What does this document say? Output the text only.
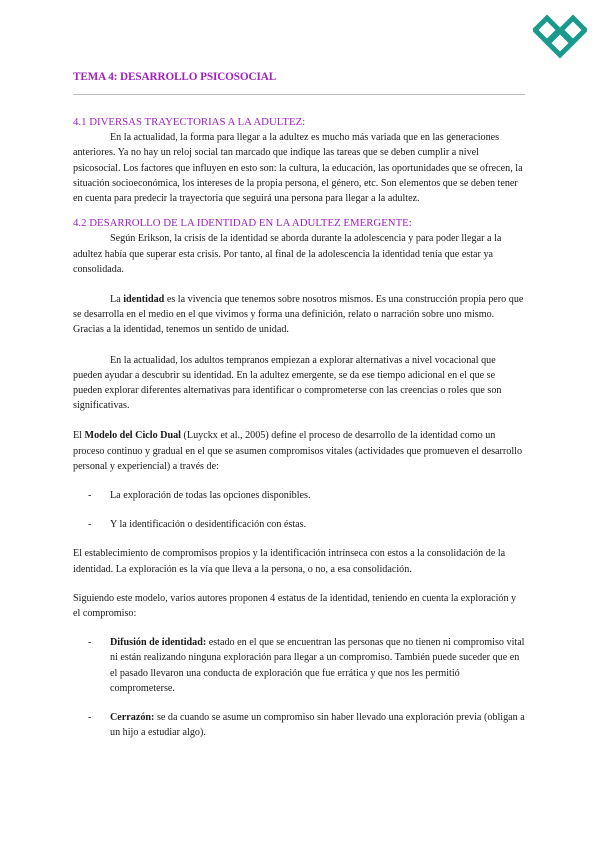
TEMA 4: DESARROLLO PSICOSOCIAL

4.1 DIVERSAS TRAYECTORIAS A LA ADULTEZ:

En la actualidad, la forma para llegar a la adultez es mucho más variada que en las generaciones anteriores. Ya no hay un reloj social tan marcado que indique las tareas que se deben cumplir a nivel psicosocial. Los factores que influyen en esto son: la cultura, la educación, las oportunidades que se ofrecen, la situación socioeconómica, los intereses de la propia persona, el género, etc. Son elementos que se deben tener en cuenta para predecir la trayectoria que seguirá una persona para llegar a la adultez.

4.2 DESARROLLO DE LA IDENTIDAD EN LA ADULTEZ EMERGENTE:

Según Erikson, la crisis de la identidad se aborda durante la adolescencia y para poder llegar a la adultez había que superar esta crisis. Por tanto, al final de la adolescencia la identidad tenía que estar ya consolidada.

La identidad es la vivencia que tenemos sobre nosotros mismos. Es una construcción propia pero que se desarrolla en el medio en el que vivimos y forma una definición, relato o narración sobre uno mismo. Gracias a la identidad, tenemos un sentido de unidad.

En la actualidad, los adultos tempranos empiezan a explorar alternativas a nivel vocacional que pueden ayudar a descubrir su identidad. En la adultez emergente, se da ese tiempo adicional en el que se pueden explorar diferentes alternativas para identificar o comprometerse con las creencias o roles que son significativas.

El Modelo del Ciclo Dual (Luyckx et al., 2005) define el proceso de desarrollo de la identidad como un proceso continuo y gradual en el que se asumen compromisos vitales (actividades que promueven el desarrollo personal y experiencial) a través de:

- La exploración de todas las opciones disponibles.

- Y la identificación o desidentificación con éstas.

El establecimiento de compromisos propios y la identificación intrínseca con estos a la consolidación de la identidad. La exploración es la vía que lleva a la persona, o no, a esa consolidación.

Siguiendo este modelo, varios autores proponen 4 estatus de la identidad, teniendo en cuenta la exploración y el compromiso:

- Difusión de identidad: estado en el que se encuentran las personas que no tienen ni compromiso vital ni están realizando ninguna exploración para llegar a un compromiso. También puede suceder que en el pasado llevaron una conducta de exploración que fue errática y que nos les permitió comprometerse.

- Cerrazón: se da cuando se asume un compromiso sin haber llevado una exploración previa (obligan a un hijo a estudiar algo).
